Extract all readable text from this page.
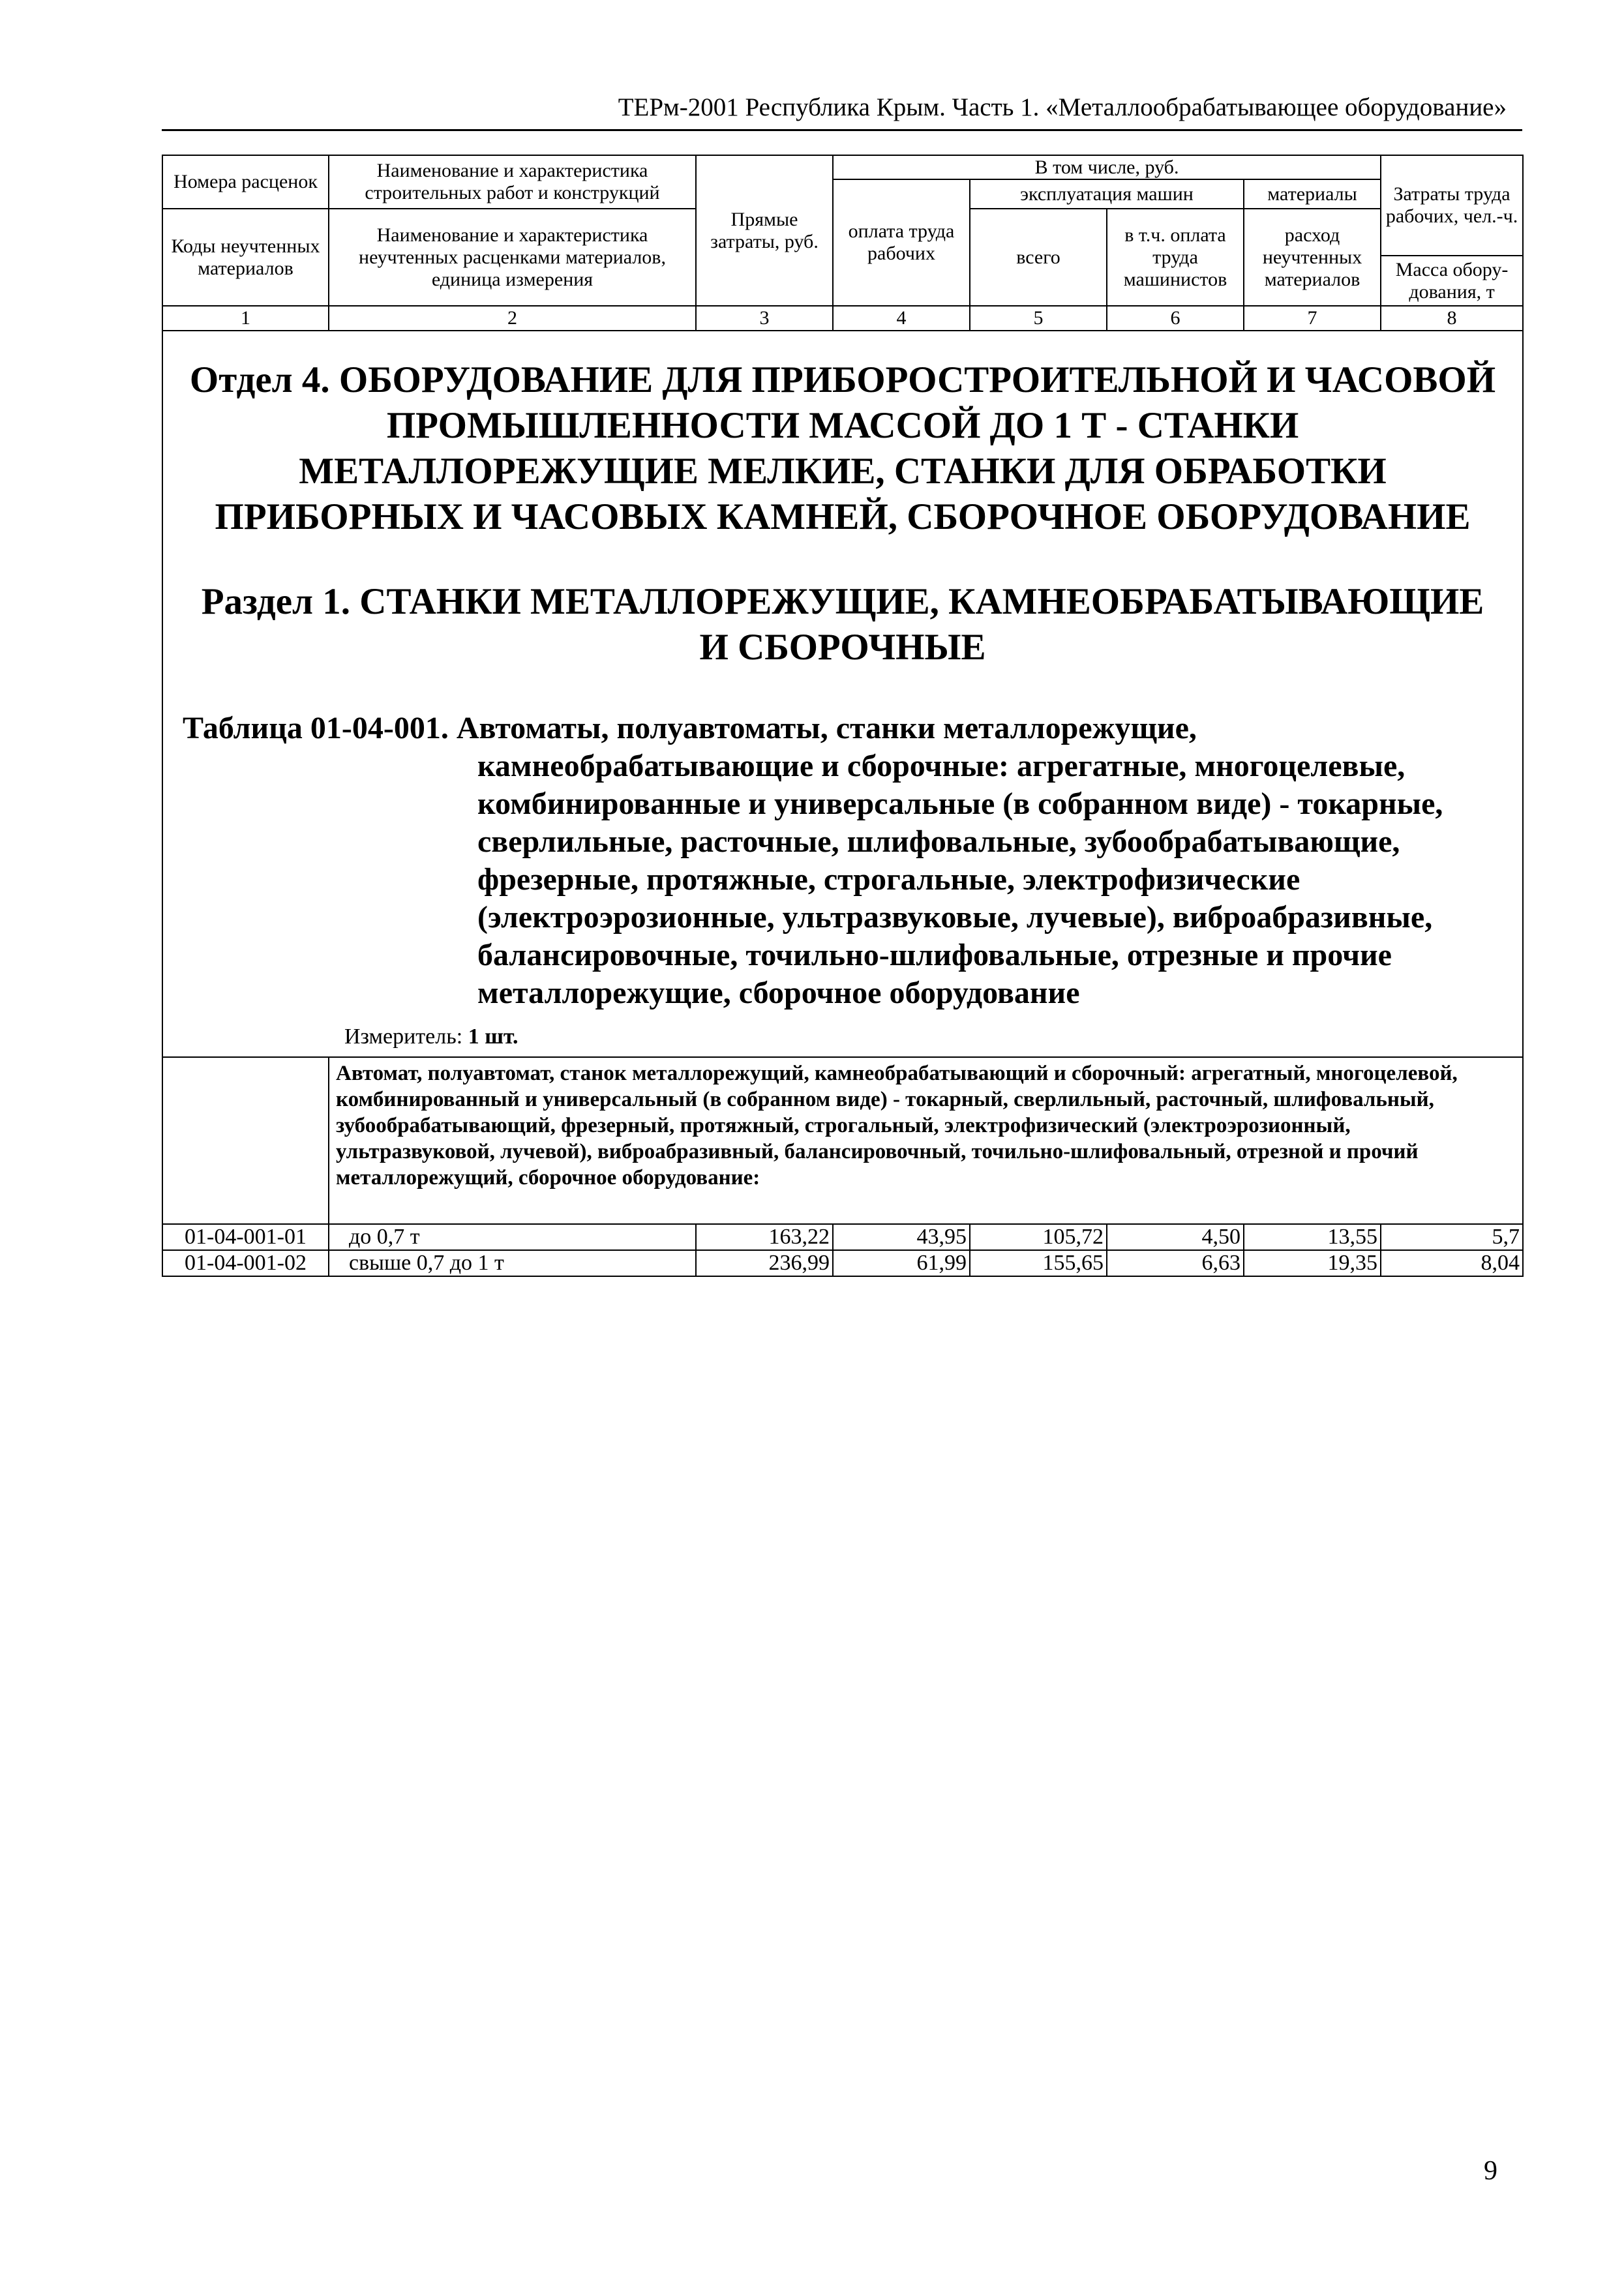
ТЕРм-2001 Республика Крым. Часть 1. «Металлообрабатывающее оборудование»
Номера расценок	Наименование и характеристика строительных работ и конструкций	Прямые затраты, руб.	В том числе, руб.				Затраты труда рабочих, чел.-ч.
			оплата труда рабочих	эксплуатация машин		материалы	
Коды неучтенных материалов	Наименование и характеристика неучтенных расценками материалов, единица измерения			всего	в т.ч. оплата труда машинистов	расход неучтенных материалов	
							Масса обору-дования, т
1	2	3	4	5	6	7	8

Отдел 4. ОБОРУДОВАНИЕ ДЛЯ ПРИБОРОСТРОИТЕЛЬНОЙ И ЧАСОВОЙ ПРОМЫШЛЕННОСТИ МАССОЙ ДО 1 Т - СТАНКИ МЕТАЛЛОРЕЖУЩИЕ МЕЛКИЕ, СТАНКИ ДЛЯ ОБРАБОТКИ ПРИБОРНЫХ И ЧАСОВЫХ КАМНЕЙ, СБОРОЧНОЕ ОБОРУДОВАНИЕ
Раздел 1. СТАНКИ МЕТАЛЛОРЕЖУЩИЕ, КАМНЕОБРАБАТЫВАЮЩИЕ И СБОРОЧНЫЕ
Таблица 01-04-001. Автоматы, полуавтоматы, станки металлорежущие,
камнеобрабатывающие и сборочные: агрегатные, многоцелевые, комбинированные и универсальные (в собранном виде) - токарные, сверлильные, расточные, шлифовальные, зубообрабатывающие, фрезерные, протяжные, строгальные, электрофизические (электроэрозионные, ультразвуковые, лучевые), виброабразивные, балансировочные, точильно-шлифовальные, отрезные и прочие металлорежущие, сборочное оборудование
Измеритель: 1 шт.							

	Автомат, полуавтомат, станок металлорежущий, камнеобрабатывающий и сборочный: агрегатный, многоцелевой, комбинированный и универсальный (в собранном виде) - токарный, сверлильный, расточный, шлифовальный, зубообрабатывающий, фрезерный, протяжный, строгальный, электрофизический (электроэрозионный, ультразвуковой, лучевой), виброабразивный, балансировочный, точильно-шлифовальный, отрезной и прочий металлорежущий, сборочное оборудование:						
01-04-001-01	до 0,7 т	163,22	43,95	105,72	4,50	13,55	5,7
01-04-001-02	свыше 0,7 до 1 т	236,99	61,99	155,65	6,63	19,35	8,04
9
